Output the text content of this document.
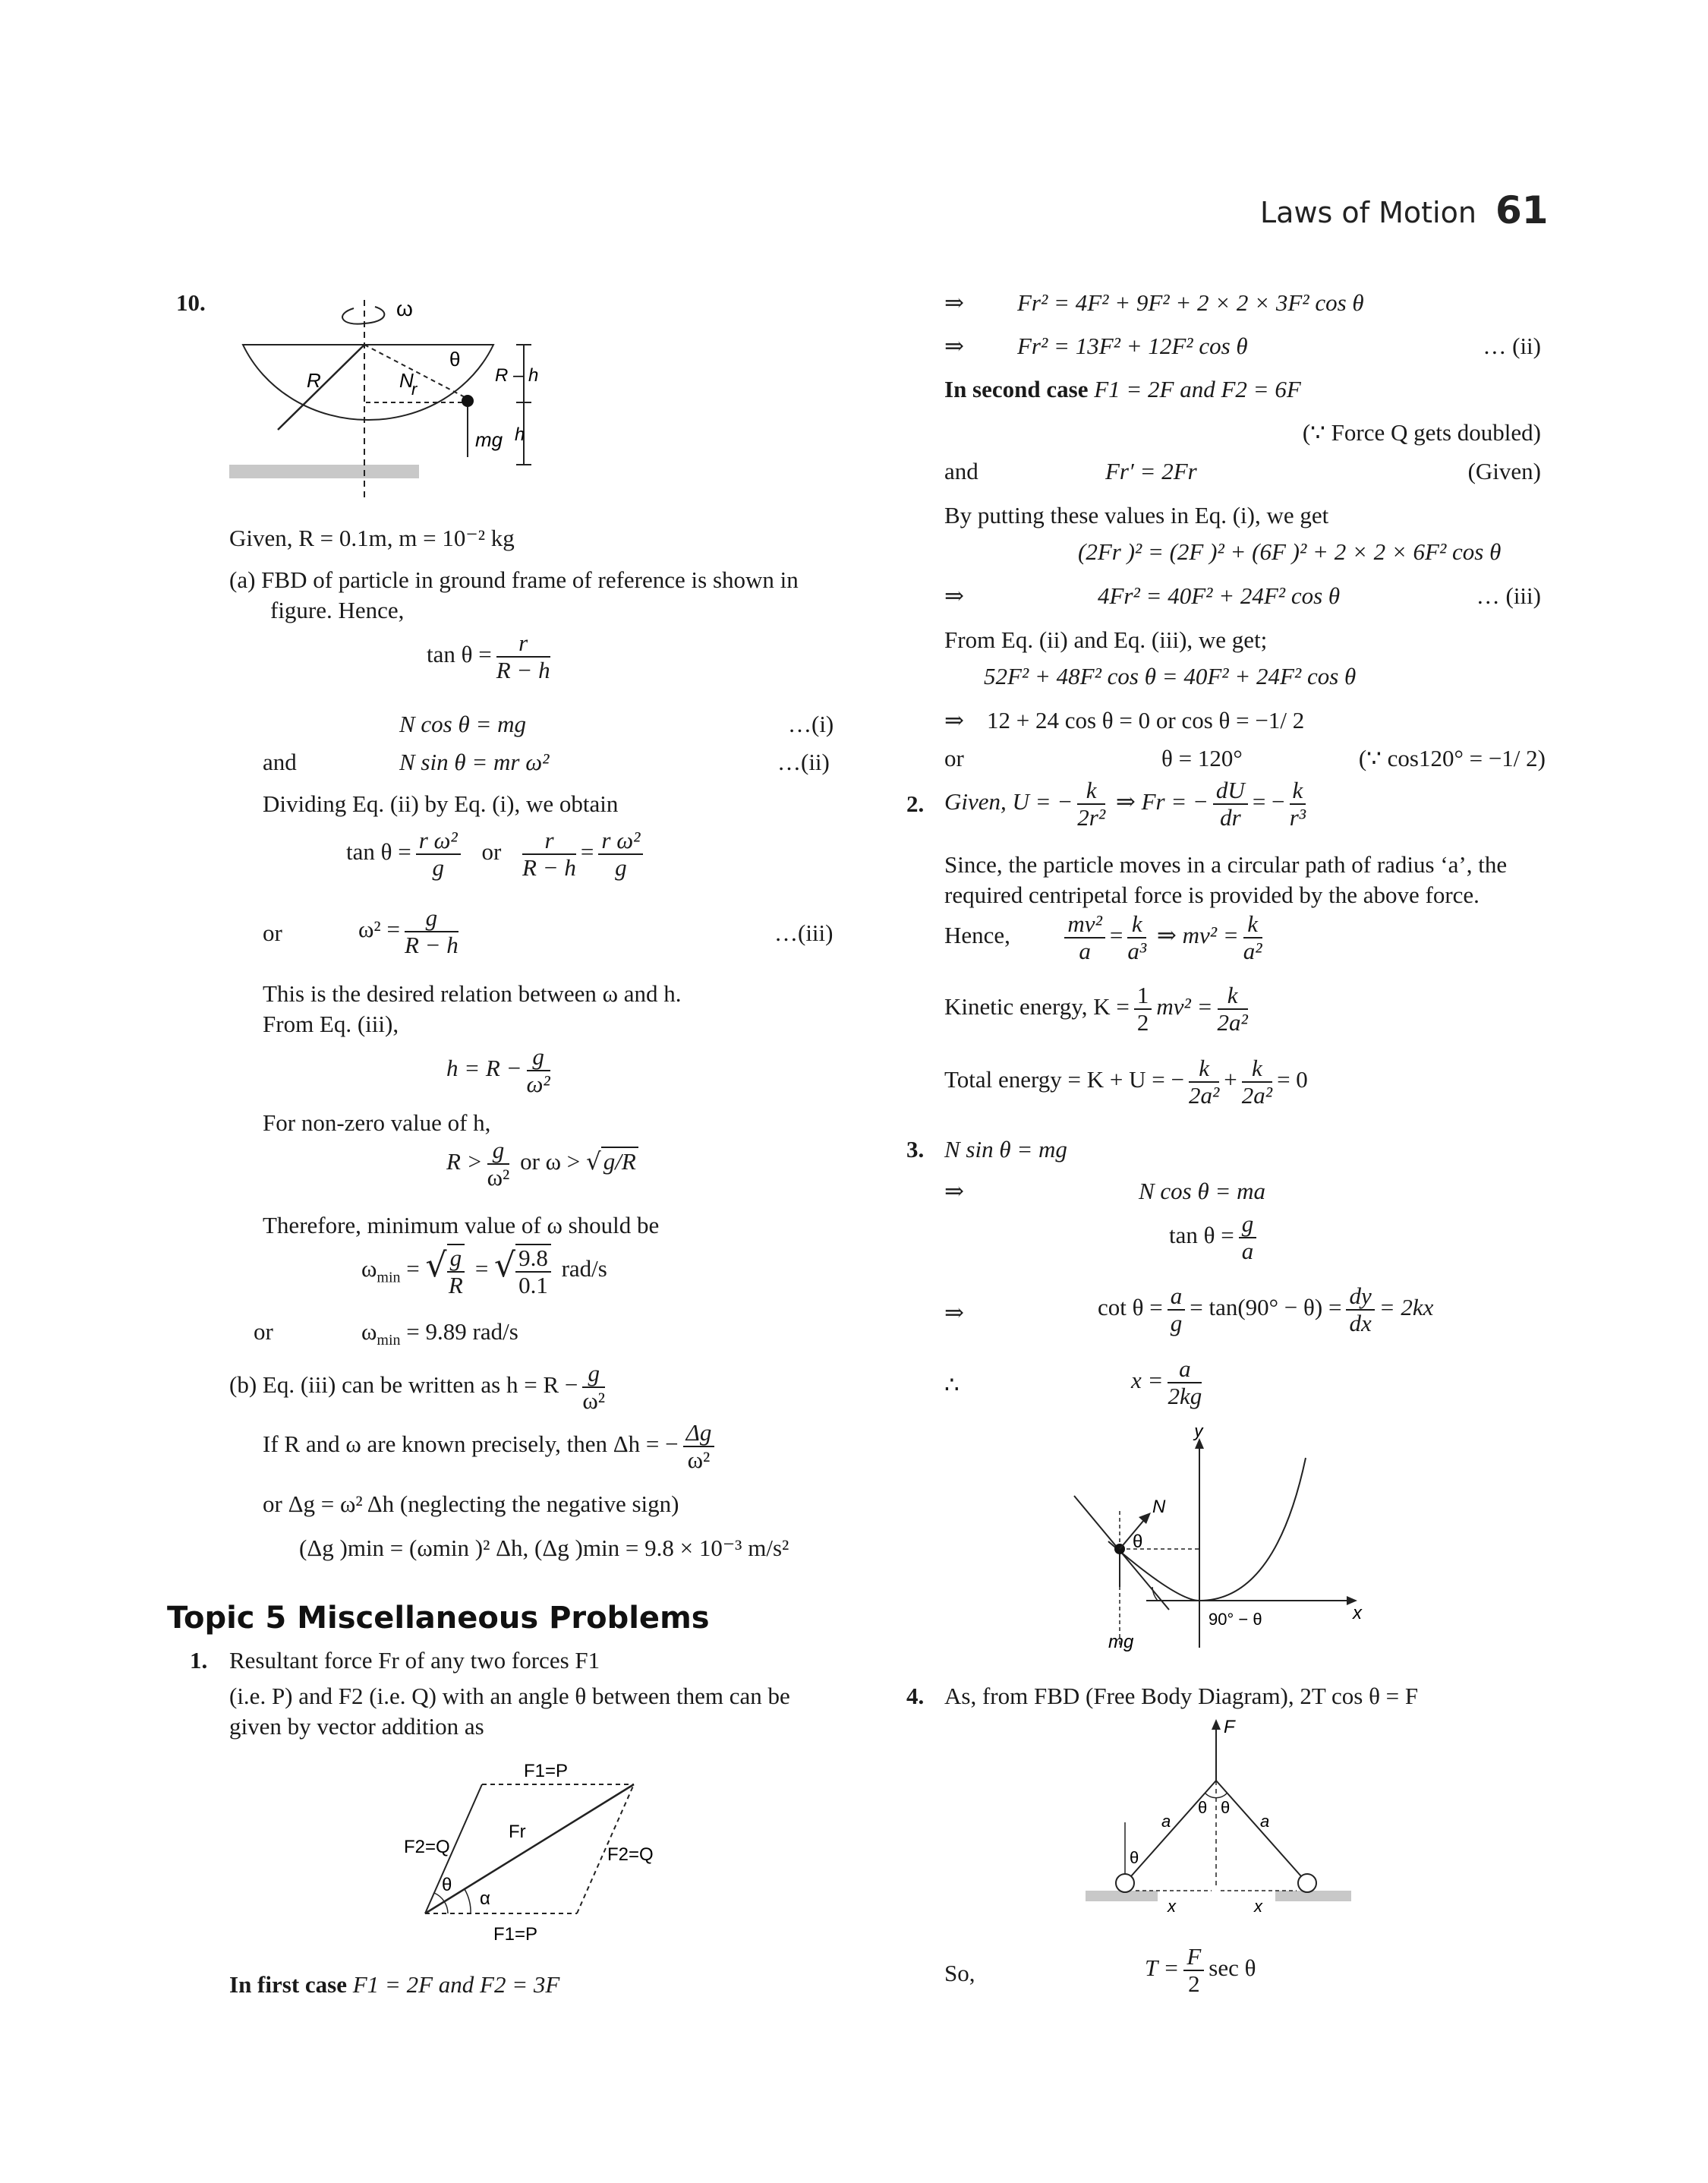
Laws of Motion 61
10.	ω
R	N
θ
r
mg
R – h
h
Given, R = 0.1m, m = 10⁻² kg
(a) FBD of particle in ground frame of reference is shown in
figure. Hence,
$\tan \theta = \frac{r}{R - h}$
N cos θ = mg	…(i)
and	N sin θ = mr ω²	…(ii)
Dividing Eq. (ii) by Eq. (i), we obtain
$\tan \theta = \frac{\text{r ω²}}{g}$ or $\frac{r}{R - h} = \frac{\text{r ω²}}{g}$
or	$\omega^2 = \frac{g}{R - h}$	…(iii)
This is the desired relation between ω and h.
From Eq. (iii),
$h = R - \frac{g}{\text{ω²}}$
For non-zero value of h,
$R > \frac{g}{\text{ω²}}$ or ω > √g/R
Therefore, minimum value of ω should be
$\omega_{min}$ = √ $\frac{g}{R}$ = √ $\frac{9.8}{0.1} rad/s$
or	$\omega_{min} = 9.89$ rad/s
(b) Eq. (iii) can be written as $h = R - \frac{g}{\text{ω²}}$
If R and ω are known precisely, then Δh = − $\frac{\Delta g}{\text{ω²}}$
or Δg = ω² Δh (neglecting the negative sign)
(Δg )min = (ωmin )² Δh, (Δg )min = 9.8 × 10⁻³ m/s²
Topic 5 Miscellaneous Problems
1. Resultant force Fr of any two forces F1
(i.e. P) and F2 (i.e. Q) with an angle θ between them can be
given by vector addition as
F1=P
F2=Q
Fr
F2=Q
θ
α
F1=P
In first case F1 = 2F and F2 = 3F
⇒ Fr² = 4F² + 9F² + 2 × 2 × 3F² cos θ
⇒ Fr² = 13F² + 12F² cos θ	… (ii)
In second case F1 = 2F and F2 = 6F
(∵ Force Q gets doubled)
and	Fr′ = 2Fr	(Given)
By putting these values in Eq. (i), we get
(2Fr )² = (2F )² + (6F )² + 2 × 2 × 6F² cos θ
⇒	4Fr² = 40F² + 24F² cos θ	… (iii)
From Eq. (ii) and Eq. (iii), we get;
52F² + 48F² cos θ = 40F² + 24F² cos θ
⇒ 12 + 24 cos θ = 0 or cos θ = −1/ 2
or	θ = 120°	(∵ cos120° = −1/ 2)
2. Given, U = − $\frac{k}{\text{2r²}}$ ⇒ Fr = − $\frac{dU}{dr}$ = − $\frac{k}{\text{r³}}$
Since, the particle moves in a circular path of radius ‘a’, the
required centripetal force is provided by the above force.
Hence, $\frac{\text{mv²}}{a} = \frac{k}{\text{a³}}$ ⇒ $mv^2 = \frac{k}{\text{a²}}$
Kinetic energy, $K = \frac{1}{2} mv^2 = \frac{k}{\text{2a²}}$
Total energy = K + U = − $\frac{k}{\text{2a²}} + \frac{k}{\text{2a²}} = 0$
3. N sin θ = mg
⇒	N cos θ = ma
$\tan \theta = \frac{g}{a}$
⇒	$\cot \theta = \frac{a}{g} = \tan(90^\circ - \theta) = \frac{dy}{dx} = 2kx$
∴	$x = \frac{a}{2kg}$
y
x
N
θ
mg
90° − θ
4. As, from FBD (Free Body Diagram), 2T cos θ = F
F
x	x
a	a
θ θ
θ
So,	$T = \frac{F}{2}$ sec θ
